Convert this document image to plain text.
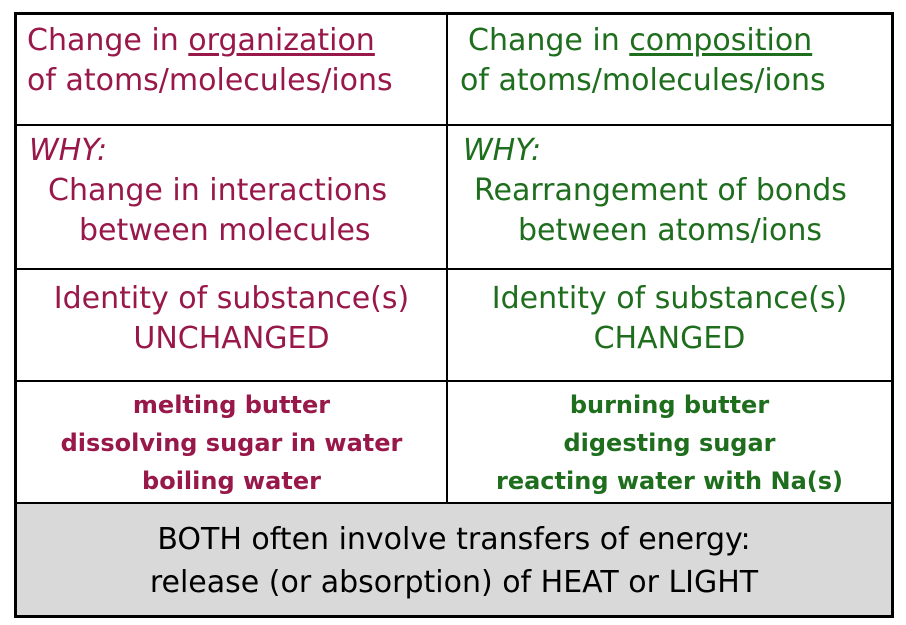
Change in organization
of atoms/molecules/ions
Change in composition
of atoms/molecules/ions
WHY:
Change in interactions
between molecules
WHY:
Rearrangement of bonds
between atoms/ions
Identity of substance(s)
UNCHANGED
Identity of substance(s)
CHANGED
melting butter
dissolving sugar in water
boiling water
burning butter
digesting sugar
reacting water with Na(s)
BOTH often involve transfers of energy:
release (or absorption) of HEAT or LIGHT
